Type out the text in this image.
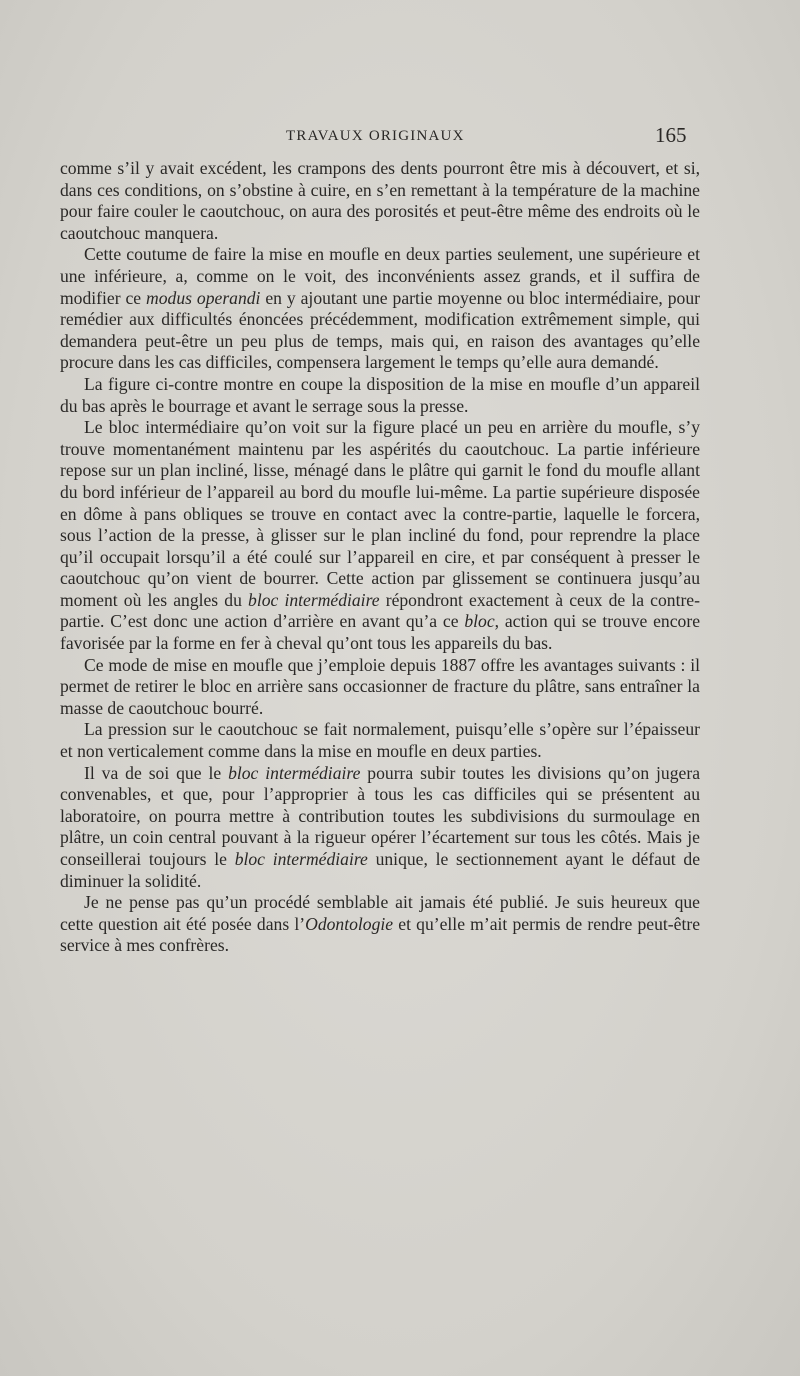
TRAVAUX ORIGINAUX	165

comme s’il y avait excédent, les crampons des dents pourront être mis à découvert, et si, dans ces conditions, on s’obstine à cuire, en s’en remettant à la température de la machine pour faire couler le caoutchouc, on aura des porosités et peut-être même des endroits où le caoutchouc manquera.

Cette coutume de faire la mise en moufle en deux parties seulement, une supérieure et une inférieure, a, comme on le voit, des inconvénients assez grands, et il suffira de modifier ce modus operandi en y ajoutant une partie moyenne ou bloc intermédiaire, pour remédier aux difficultés énoncées précédemment, modification extrêmement simple, qui demandera peut-être un peu plus de temps, mais qui, en raison des avantages qu’elle procure dans les cas difficiles, compensera largement le temps qu’elle aura demandé.

La figure ci-contre montre en coupe la disposition de la mise en moufle d’un appareil du bas après le bourrage et avant le serrage sous la presse.

Le bloc intermédiaire qu’on voit sur la figure placé un peu en arrière du moufle, s’y trouve momentanément maintenu par les aspérités du caoutchouc. La partie inférieure repose sur un plan incliné, lisse, ménagé dans le plâtre qui garnit le fond du moufle allant du bord inférieur de l’appareil au bord du moufle lui-même. La partie supérieure disposée en dôme à pans obliques se trouve en contact avec la contre-partie, laquelle le forcera, sous l’action de la presse, à glisser sur le plan incliné du fond, pour reprendre la place qu’il occupait lorsqu’il a été coulé sur l’appareil en cire, et par conséquent à presser le caoutchouc qu’on vient de bourrer. Cette action par glissement se continuera jusqu’au moment où les angles du bloc intermédiaire répondront exactement à ceux de la contre-partie. C’est donc une action d’arrière en avant qu’a ce bloc, action qui se trouve encore favorisée par la forme en fer à cheval qu’ont tous les appareils du bas.

Ce mode de mise en moufle que j’emploie depuis 1887 offre les avantages suivants : il permet de retirer le bloc en arrière sans occasionner de fracture du plâtre, sans entraîner la masse de caoutchouc bourré.

La pression sur le caoutchouc se fait normalement, puisqu’elle s’opère sur l’épaisseur et non verticalement comme dans la mise en moufle en deux parties.

Il va de soi que le bloc intermédiaire pourra subir toutes les divisions qu’on jugera convenables, et que, pour l’approprier à tous les cas difficiles qui se présentent au laboratoire, on pourra mettre à contribution toutes les subdivisions du surmoulage en plâtre, un coin central pouvant à la rigueur opérer l’écartement sur tous les côtés. Mais je conseillerai toujours le bloc intermédiaire unique, le sectionnement ayant le défaut de diminuer la solidité.

Je ne pense pas qu’un procédé semblable ait jamais été publié. Je suis heureux que cette question ait été posée dans l’Odontologie et qu’elle m’ait permis de rendre peut-être service à mes confrères.
